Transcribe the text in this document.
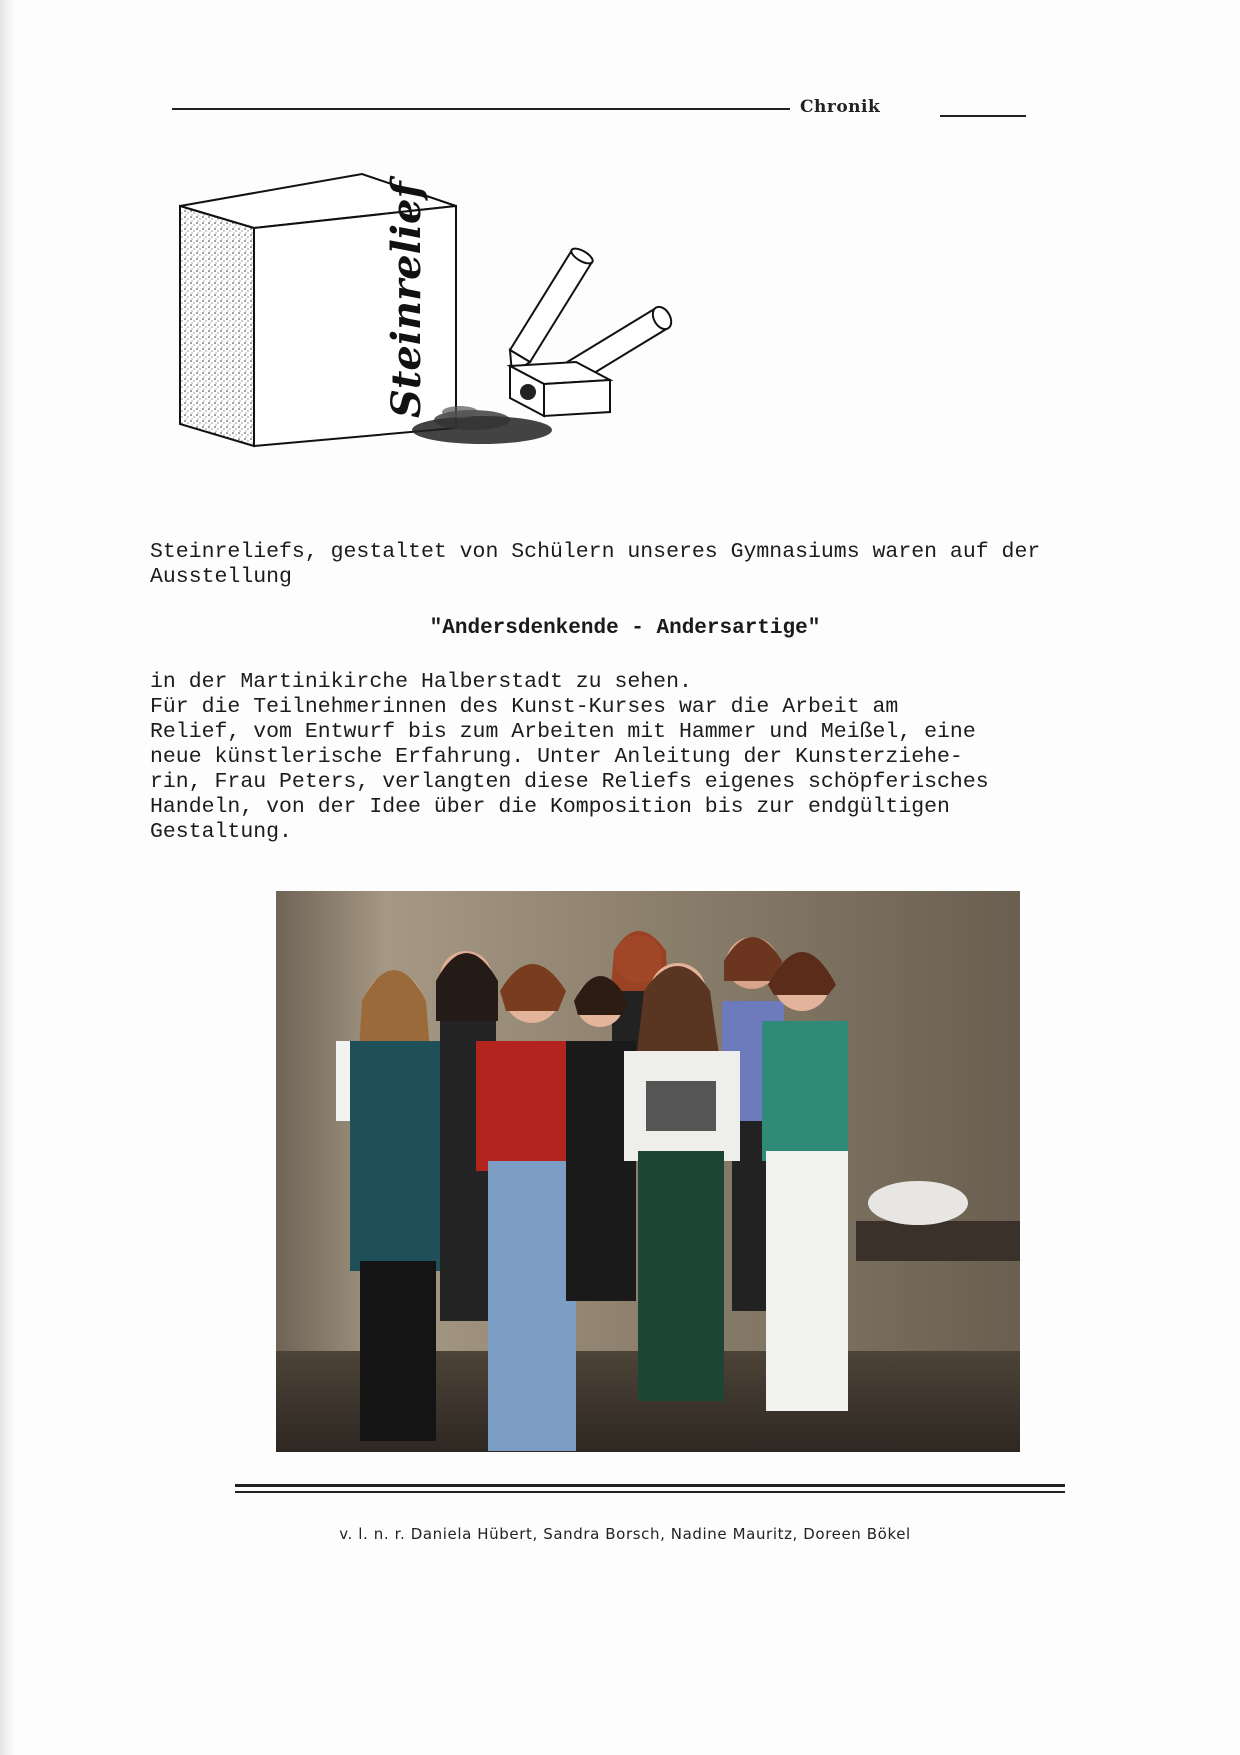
Chronik
Steinrelief
Steinreliefs, gestaltet von Schülern unseres Gymnasiums waren auf der Ausstellung
"Andersdenkende - Andersartige"
in der Martinikirche Halberstadt zu sehen.
Für die Teilnehmerinnen des Kunst-Kurses war die Arbeit am
Relief, vom Entwurf bis zum Arbeiten mit Hammer und Meißel, eine
neue künstlerische Erfahrung. Unter Anleitung der Kunsterziehe-
rin, Frau Peters, verlangten diese Reliefs eigenes schöpferisches
Handeln, von der Idee über die Komposition bis zur endgültigen
Gestaltung.
v. l. n. r. Daniela Hübert, Sandra Borsch, Nadine Mauritz, Doreen Bökel
